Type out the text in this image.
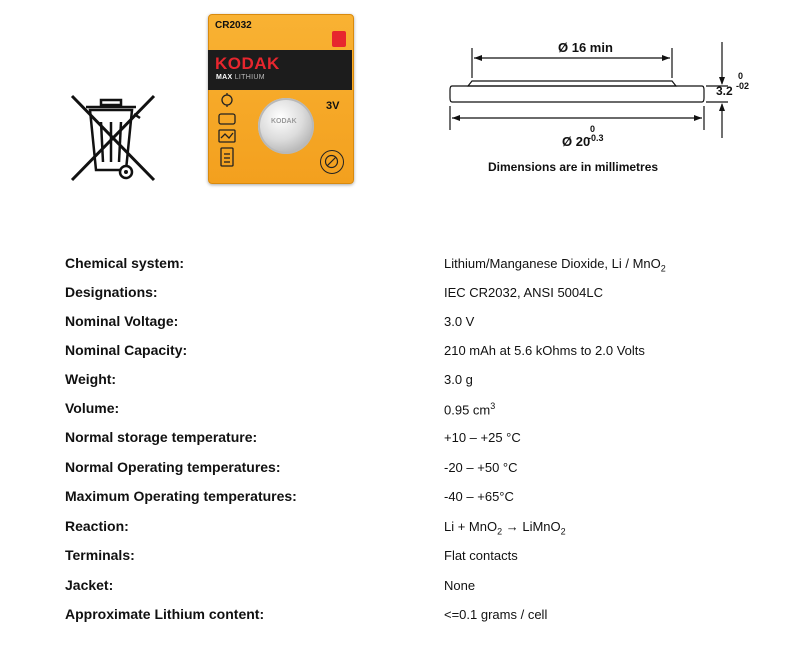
CR2032
KODAK
MAX LITHIUM
3V
KODAK
Ø 16 min
0
Ø 20
-0.3
0
3.2 -02
Dimensions are in millimetres
Chemical system:	Lithium/Manganese Dioxide, Li / MnO$_2$
Designations:	IEC CR2032, ANSI 5004LC
Nominal Voltage:	3.0 V
Nominal Capacity:	210 mAh at 5.6 kOhms to 2.0 Volts
Weight:	3.0 g
Volume:	0.95 $cm^3$
Normal storage temperature:	+10 – +25 °C
Normal Operating temperatures:	-20 – +50 °C
Maximum Operating temperatures:	-40 – +65°C
Reaction:	Li + MnO$_2$ → LiMnO$_2$
Terminals:	Flat contacts
Jacket:	None
Approximate Lithium content:	<=0.1 grams / cell
